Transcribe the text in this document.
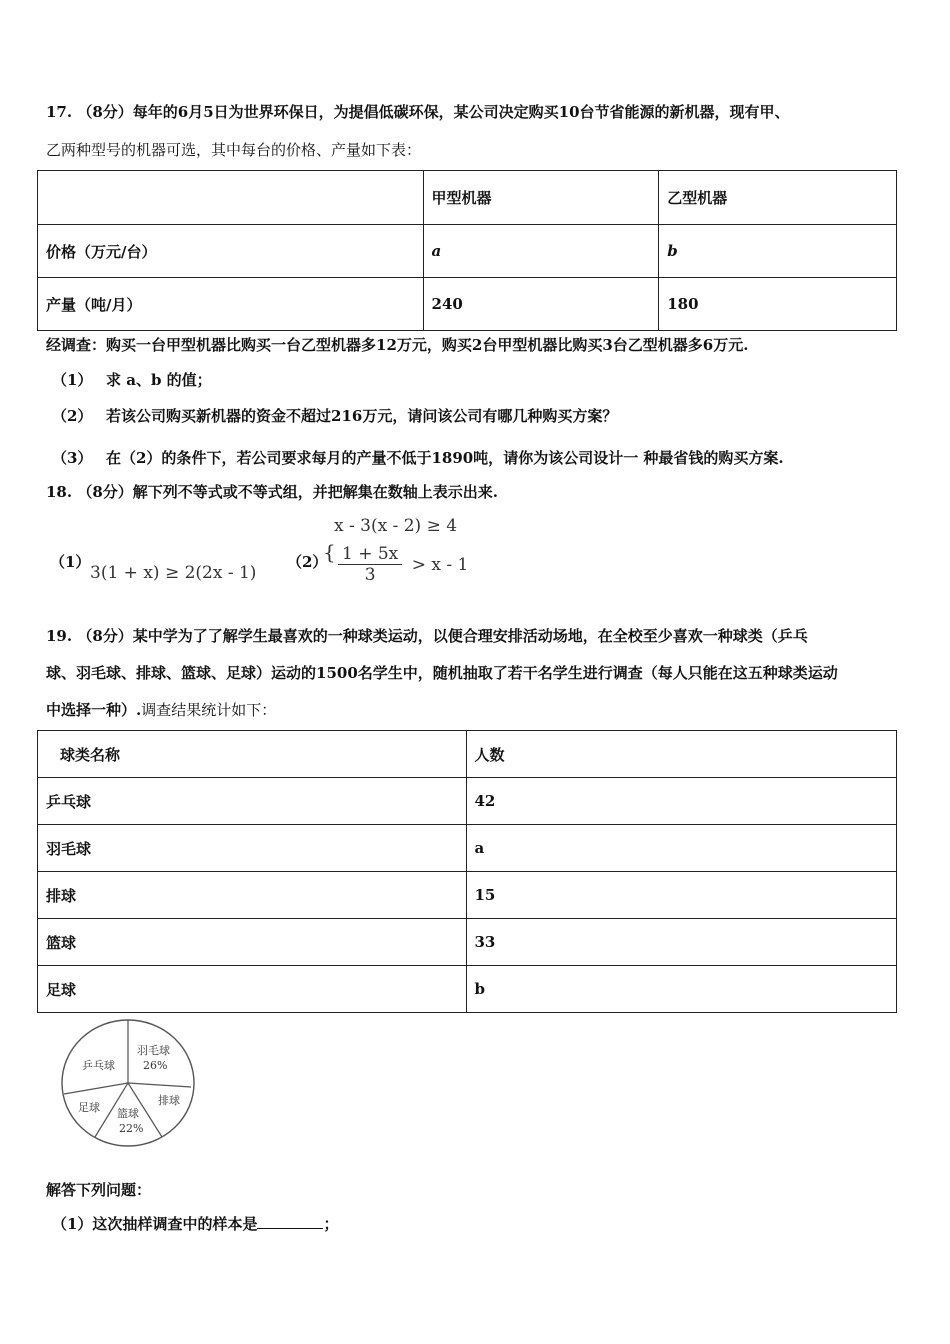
17. （8分）每年的6月5日为世界环保日，为提倡低碳环保，某公司决定购买10台节省能源的新机器，现有甲、
乙两种型号的机器可选，其中每台的价格、产量如下表：
	甲型机器	乙型机器
价格（万元/台）	a	b
产量（吨/月）	240	180
经调查：购买一台甲型机器比购买一台乙型机器多12万元，购买2台甲型机器比购买3台乙型机器多6万元.
（1） 求 a、b 的值；
（2） 若该公司购买新机器的资金不超过216万元，请问该公司有哪几种购买方案？
（3） 在（2）的条件下，若公司要求每月的产量不低于1890吨，请你为该公司设计一 种最省钱的购买方案.
18. （8分）解下列不等式或不等式组，并把解集在数轴上表示出来.
（1）
3(1 + x) ≥ 2(2x - 1)
（2）
{
x - 3(x - 2) ≥ 4
$\frac{1 + 5x}{3} > x - 1$
19. （8分）某中学为了了解学生最喜欢的一种球类运动，以便合理安排活动场地，在全校至少喜欢一种球类（乒乓
球、羽毛球、排球、篮球、足球）运动的1500名学生中，随机抽取了若干名学生进行调查（每人只能在这五种球类运动
中选择一种）.调查结果统计如下：
球类名称	人数
乒乓球	42
羽毛球	a
排球	15
篮球	33
足球	b
乒乓球
羽毛球
26%
排球
篮球
22%
足球
解答下列问题：
（1）这次抽样调查中的样本是	；
